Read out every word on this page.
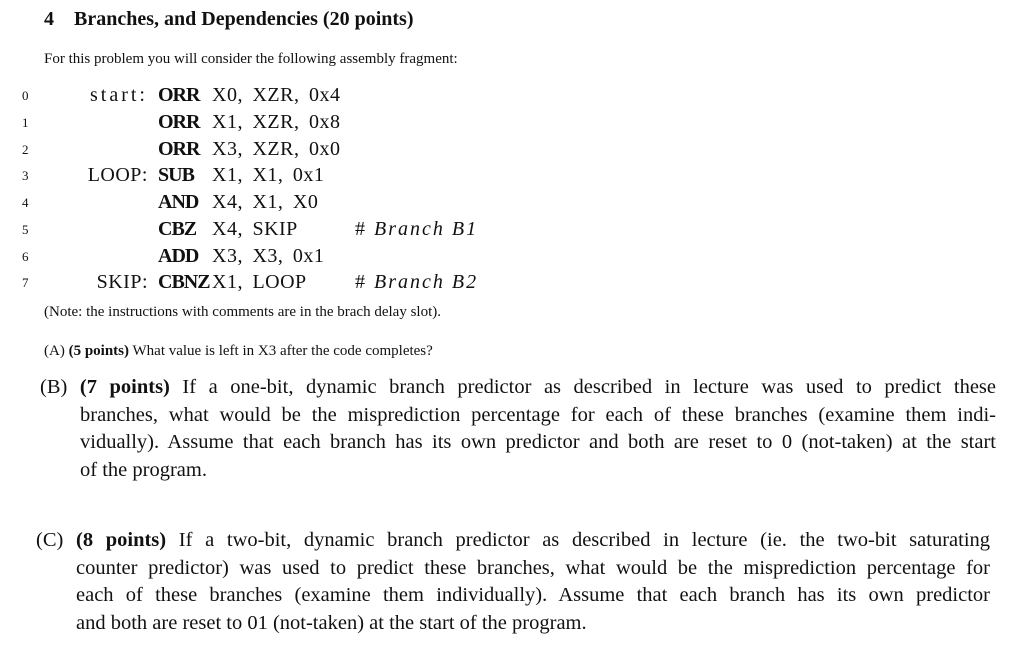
4 Branches, and Dependencies (20 points)
For this problem you will consider the following assembly fragment:
0	start: ORR X0, XZR, 0x4
1	ORR X1, XZR, 0x8
2	ORR X3, XZR, 0x0
3	LOOP: SUB X1, X1, 0x1
4	AND X4, X1, X0
5	CBZ X4, SKIP	# Branch B1
6	ADD X3, X3, 0x1
7	SKIP: CBNZ X1, LOOP # Branch B2
(Note: the instructions with comments are in the brach delay slot).
(A) (5 points) What value is left in X3 after the code completes?
(B) (7 points) If a one-bit, dynamic branch predictor as described in lecture was used to predict these
branches, what would be the misprediction percentage for each of these branches (examine them indi-
vidually). Assume that each branch has its own predictor and both are reset to 0 (not-taken) at the start
of the program.
(C) (8 points) If a two-bit, dynamic branch predictor as described in lecture (ie. the two-bit saturating
counter predictor) was used to predict these branches, what would be the misprediction percentage for
each of these branches (examine them individually). Assume that each branch has its own predictor
and both are reset to 01 (not-taken) at the start of the program.
